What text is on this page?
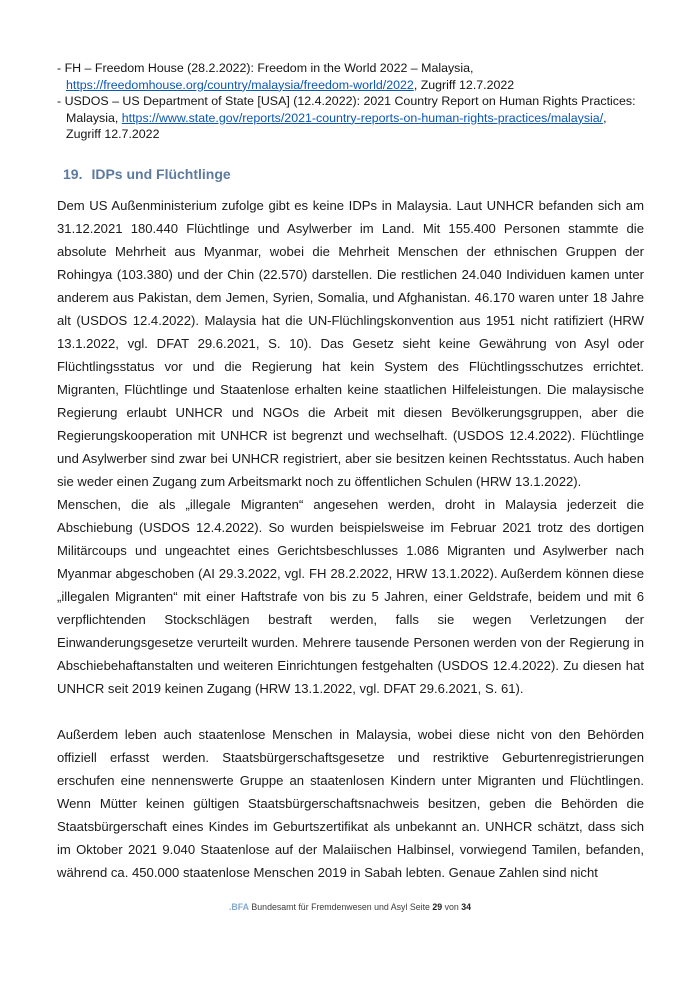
- FH – Freedom House (28.2.2022): Freedom in the World 2022 – Malaysia, https://freedomhouse.org/country/malaysia/freedom-world/2022, Zugriff 12.7.2022
- USDOS – US Department of State [USA] (12.4.2022): 2021 Country Report on Human Rights Practices: Malaysia, https://www.state.gov/reports/2021-country-reports-on-human-rights-practices/malaysia/, Zugriff 12.7.2022
19. IDPs und Flüchtlinge

Dem US Außenministerium zufolge gibt es keine IDPs in Malaysia. Laut UNHCR befanden sich am 31.12.2021 180.440 Flüchtlinge und Asylwerber im Land. Mit 155.400 Personen stammte die absolute Mehrheit aus Myanmar, wobei die Mehrheit Menschen der ethnischen Gruppen der Rohingya (103.380) und der Chin (22.570) darstellen. Die restlichen 24.040 Individuen kamen unter anderem aus Pakistan, dem Jemen, Syrien, Somalia, und Afghanistan. 46.170 waren unter 18 Jahre alt (USDOS 12.4.2022). Malaysia hat die UN-Flüchlingskonvention aus 1951 nicht ratifiziert (HRW 13.1.2022, vgl. DFAT 29.6.2021, S. 10). Das Gesetz sieht keine Gewährung von Asyl oder Flüchtlingsstatus vor und die Regierung hat kein System des Flüchtlingsschutzes errichtet. Migranten, Flüchtlinge und Staatenlose erhalten keine staatlichen Hilfeleistungen. Die malaysische Regierung erlaubt UNHCR und NGOs die Arbeit mit diesen Bevölkerungsgruppen, aber die Regierungskooperation mit UNHCR ist begrenzt und wechselhaft. (USDOS 12.4.2022). Flüchtlinge und Asylwerber sind zwar bei UNHCR registriert, aber sie besitzen keinen Rechtsstatus. Auch haben sie weder einen Zugang zum Arbeitsmarkt noch zu öffentlichen Schulen (HRW 13.1.2022).

Menschen, die als „illegale Migranten“ angesehen werden, droht in Malaysia jederzeit die Abschiebung (USDOS 12.4.2022). So wurden beispielsweise im Februar 2021 trotz des dortigen Militärcoups und ungeachtet eines Gerichtsbeschlusses 1.086 Migranten und Asylwerber nach Myanmar abgeschoben (AI 29.3.2022, vgl. FH 28.2.2022, HRW 13.1.2022). Außerdem können diese „illegalen Migranten“ mit einer Haftstrafe von bis zu 5 Jahren, einer Geldstrafe, beidem und mit 6 verpflichtenden Stockschlägen bestraft werden, falls sie wegen Verletzungen der Einwanderungsgesetze verurteilt wurden. Mehrere tausende Personen werden von der Regierung in Abschiebehaftanstalten und weiteren Einrichtungen festgehalten (USDOS 12.4.2022). Zu diesen hat UNHCR seit 2019 keinen Zugang (HRW 13.1.2022, vgl. DFAT 29.6.2021, S. 61).

Außerdem leben auch staatenlose Menschen in Malaysia, wobei diese nicht von den Behörden offiziell erfasst werden. Staatsbürgerschaftsgesetze und restriktive Geburtenregistrierungen erschufen eine nennenswerte Gruppe an staatenlosen Kindern unter Migranten und Flüchtlingen. Wenn Mütter keinen gültigen Staatsbürgerschaftsnachweis besitzen, geben die Behörden die Staatsbürgerschaft eines Kindes im Geburtszertifikat als unbekannt an. UNHCR schätzt, dass sich im Oktober 2021 9.040 Staatenlose auf der Malaiischen Halbinsel, vorwiegend Tamilen, befanden, während ca. 450.000 staatenlose Menschen 2019 in Sabah lebten. Genaue Zahlen sind nicht

.BFA Bundesamt für Fremdenwesen und Asyl Seite 29 von 34
